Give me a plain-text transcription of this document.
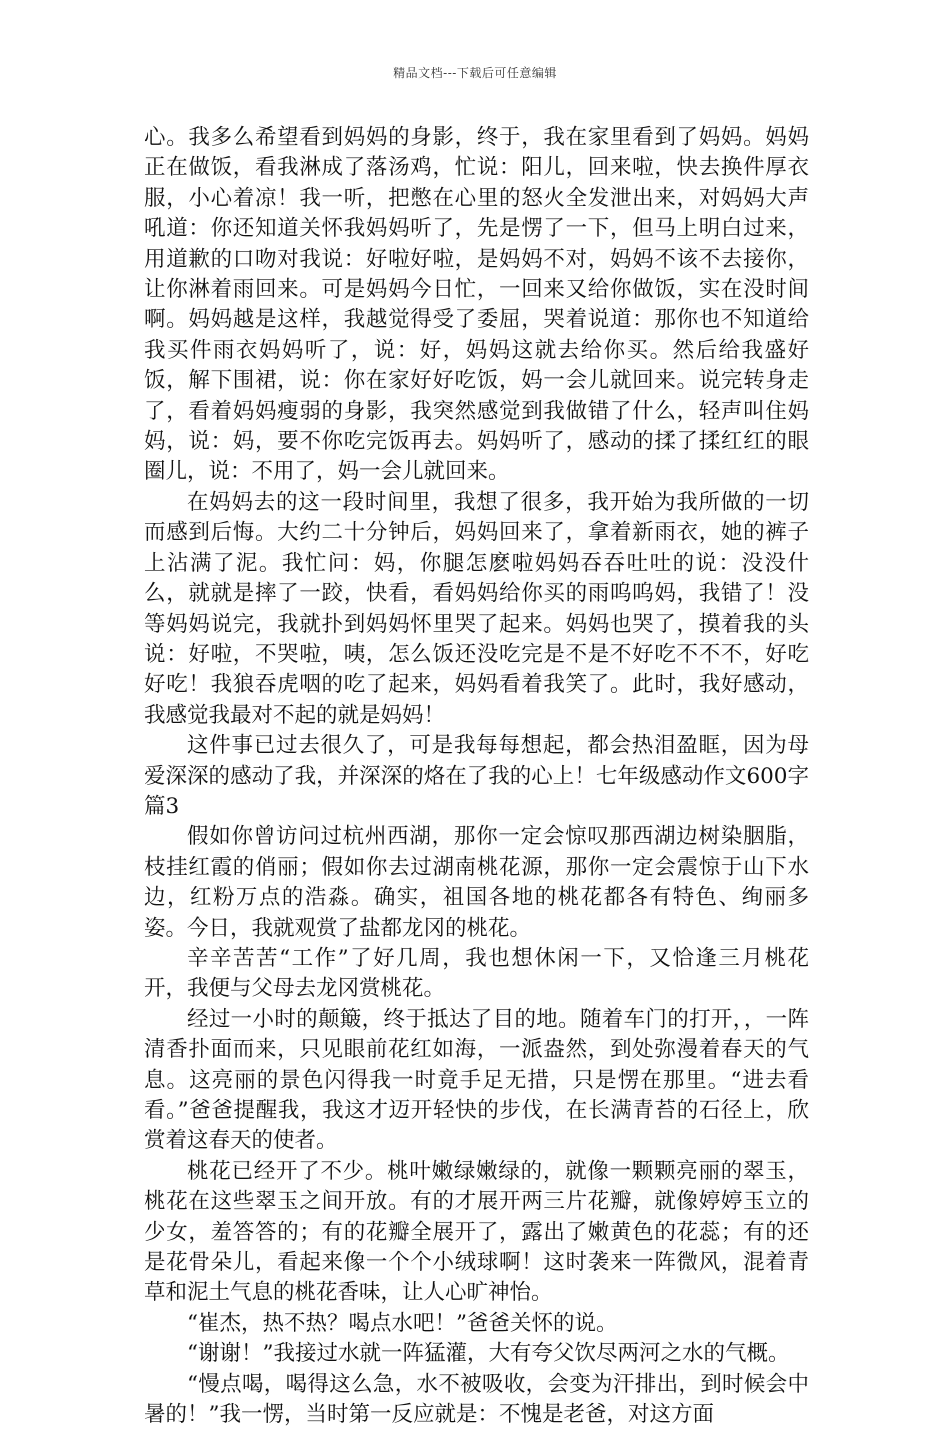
精品文档---下载后可任意编辑

心。我多么希望看到妈妈的身影，终于，我在家里看到了妈妈。妈妈正在做饭，看我淋成了落汤鸡，忙说：阳儿，回来啦，快去换件厚衣服，小心着凉！我一听，把憋在心里的怒火全发泄出来，对妈妈大声吼道：你还知道关怀我妈妈听了，先是愣了一下，但马上明白过来，用道歉的口吻对我说：好啦好啦，是妈妈不对，妈妈不该不去接你，让你淋着雨回来。可是妈妈今日忙，一回来又给你做饭，实在没时间啊。妈妈越是这样，我越觉得受了委屈，哭着说道：那你也不知道给我买件雨衣妈妈听了，说：好，妈妈这就去给你买。然后给我盛好饭，解下围裙，说：你在家好好吃饭，妈一会儿就回来。说完转身走了，看着妈妈瘦弱的身影，我突然感觉到我做错了什么，轻声叫住妈妈，说：妈，要不你吃完饭再去。妈妈听了，感动的揉了揉红红的眼圈儿，说：不用了，妈一会儿就回来。

在妈妈去的这一段时间里，我想了很多，我开始为我所做的一切而感到后悔。大约二十分钟后，妈妈回来了，拿着新雨衣，她的裤子上沾满了泥。我忙问：妈，你腿怎麽啦妈妈吞吞吐吐的说：没没什么，就就是摔了一跤，快看，看妈妈给你买的雨呜呜妈，我错了！没等妈妈说完，我就扑到妈妈怀里哭了起来。妈妈也哭了，摸着我的头说：好啦，不哭啦，咦，怎么饭还没吃完是不是不好吃不不不，好吃好吃！我狼吞虎咽的吃了起来，妈妈看着我笑了。此时，我好感动，我感觉我最对不起的就是妈妈！

这件事已过去很久了，可是我每每想起，都会热泪盈眶，因为母爱深深的感动了我，并深深的烙在了我的心上！七年级感动作文600字 篇3

假如你曾访问过杭州西湖，那你一定会惊叹那西湖边树染胭脂，枝挂红霞的俏丽；假如你去过湖南桃花源，那你一定会震惊于山下水边，红粉万点的浩淼。确实，祖国各地的桃花都各有特色、绚丽多姿。今日，我就观赏了盐都龙冈的桃花。

辛辛苦苦“工作”了好几周，我也想休闲一下，又恰逢三月桃花开，我便与父母去龙冈赏桃花。

经过一小时的颠簸，终于抵达了目的地。随着车门的打开，，一阵清香扑面而来，只见眼前花红如海，一派盎然，到处弥漫着春天的气息。这亮丽的景色闪得我一时竟手足无措，只是愣在那里。“进去看看。”爸爸提醒我，我这才迈开轻快的步伐，在长满青苔的石径上，欣赏着这春天的使者。

桃花已经开了不少。桃叶嫩绿嫩绿的，就像一颗颗亮丽的翠玉，桃花在这些翠玉之间开放。有的才展开两三片花瓣，就像婷婷玉立的少女，羞答答的；有的花瓣全展开了，露出了嫩黄色的花蕊；有的还是花骨朵儿，看起来像一个个小绒球啊！这时袭来一阵微风，混着青草和泥土气息的桃花香味，让人心旷神怡。

“崔杰，热不热？喝点水吧！”爸爸关怀的说。

“谢谢！”我接过水就一阵猛灌，大有夸父饮尽两河之水的气概。

“慢点喝，喝得这么急，水不被吸收，会变为汗排出，到时候会中暑的！”我一愣，当时第一反应就是：不愧是老爸，对这方面
